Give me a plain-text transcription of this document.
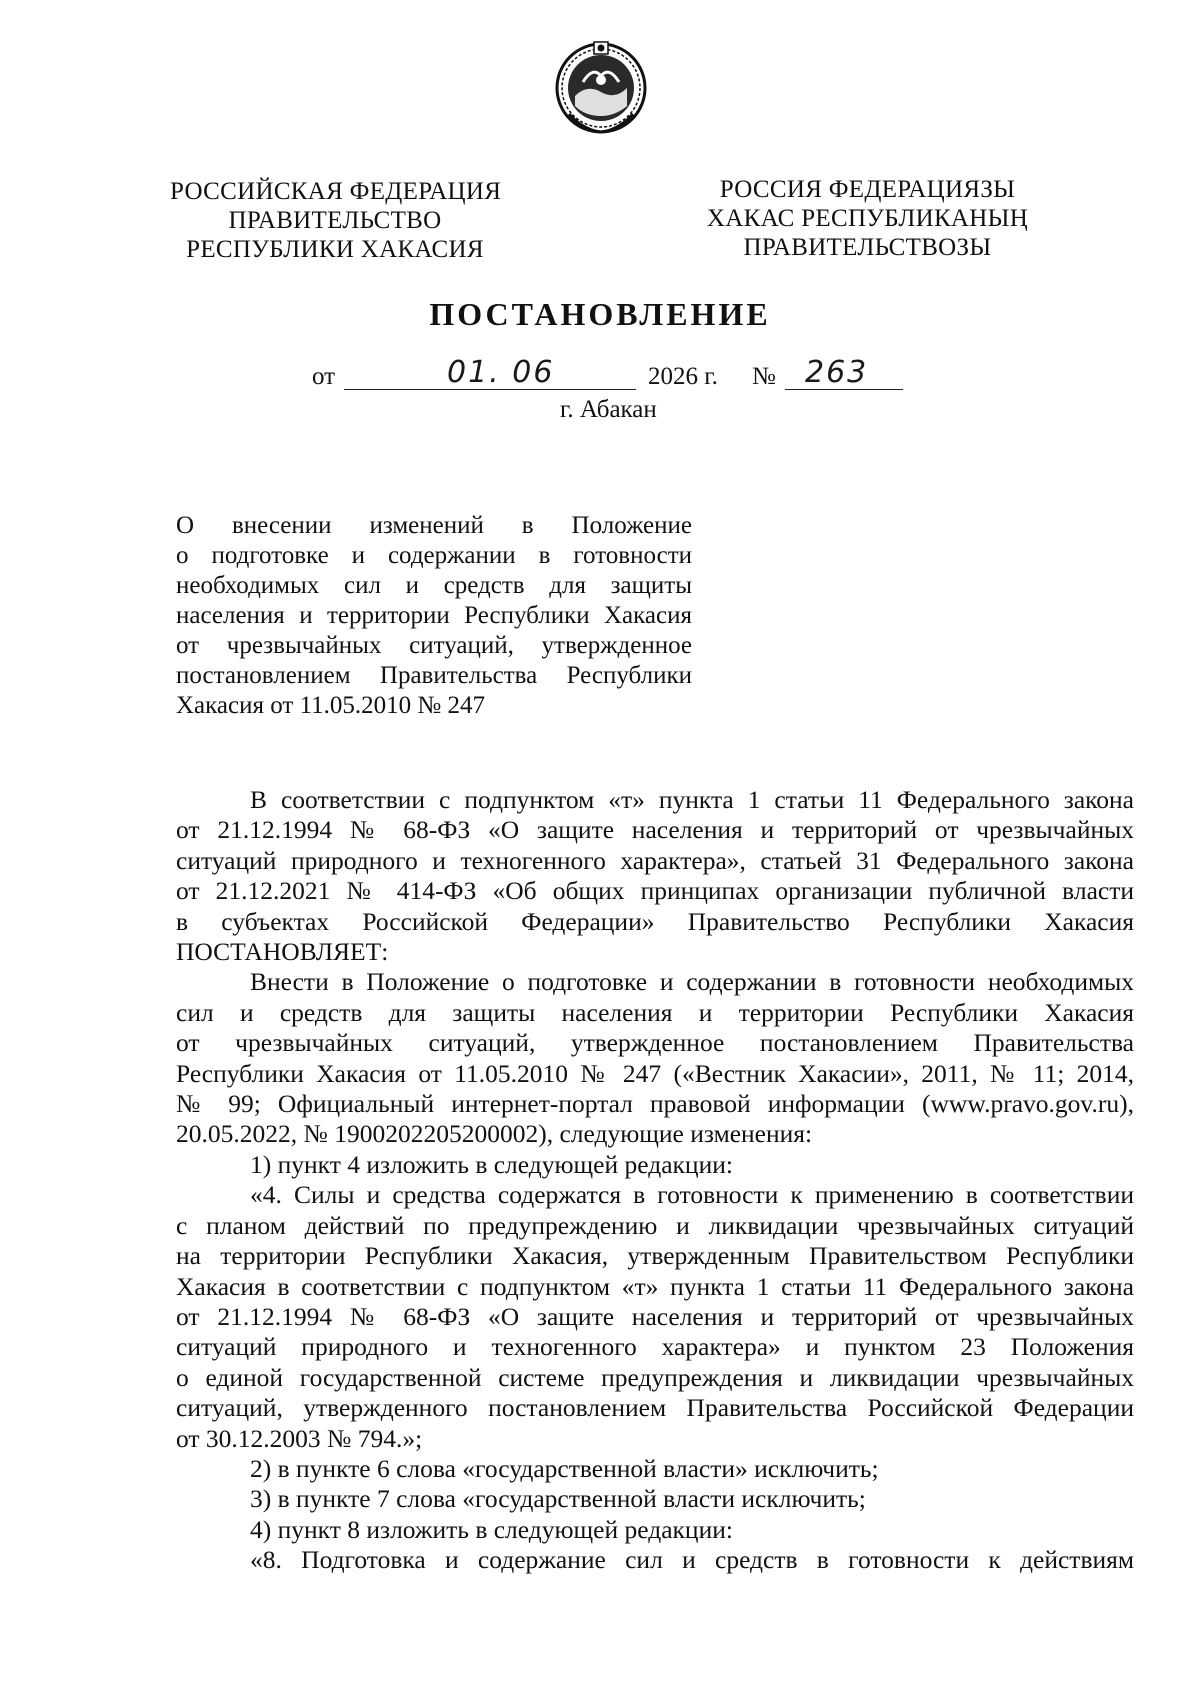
РОССИЙСКАЯ ФЕДЕРАЦИЯ
ПРАВИТЕЛЬСТВО
РЕСПУБЛИКИ ХАКАСИЯ
РОССИЯ ФЕДЕРАЦИЯЗЫ
ХАКАС РЕСПУБЛИКАНЫҢ
ПРАВИТЕЛЬСТВОЗЫ
ПОСТАНОВЛЕНИЕ
от	01. 06	2026 г. № 263
г. Абакан

О внесении изменений в Положение

о подготовке и содержании в готовности

необходимых сил и средств для защиты

населения и территории Республики Хакасия

от чрезвычайных ситуаций, утвержденное

постановлением Правительства Республики

Хакасия от 11.05.2010 № 247

В соответствии с подпунктом «т» пункта 1 статьи 11 Федерального закона

от 21.12.1994 № 68-ФЗ «О защите населения и территорий от чрезвычайных

ситуаций природного и техногенного характера», статьей 31 Федерального закона

от 21.12.2021 № 414-ФЗ «Об общих принципах организации публичной власти

в субъектах Российской Федерации» Правительство Республики Хакасия

ПОСТАНОВЛЯЕТ:

Внести в Положение о подготовке и содержании в готовности необходимых

сил и средств для защиты населения и территории Республики Хакасия

от чрезвычайных ситуаций, утвержденное постановлением Правительства

Республики Хакасия от 11.05.2010 № 247 («Вестник Хакасии», 2011, № 11; 2014,

№ 99; Официальный интернет-портал правовой информации (www.pravo.gov.ru),

20.05.2022, № 1900202205200002), следующие изменения:

1) пункт 4 изложить в следующей редакции:

«4. Силы и средства содержатся в готовности к применению в соответствии

с планом действий по предупреждению и ликвидации чрезвычайных ситуаций

на территории Республики Хакасия, утвержденным Правительством Республики

Хакасия в соответствии с подпунктом «т» пункта 1 статьи 11 Федерального закона

от 21.12.1994 № 68-ФЗ «О защите населения и территорий от чрезвычайных

ситуаций природного и техногенного характера» и пунктом 23 Положения

о единой государственной системе предупреждения и ликвидации чрезвычайных

ситуаций, утвержденного постановлением Правительства Российской Федерации

от 30.12.2003 № 794.»;

2) в пункте 6 слова «государственной власти» исключить;

3) в пункте 7 слова «государственной власти исключить;

4) пункт 8 изложить в следующей редакции:

«8. Подготовка и содержание сил и средств в готовности к действиям
